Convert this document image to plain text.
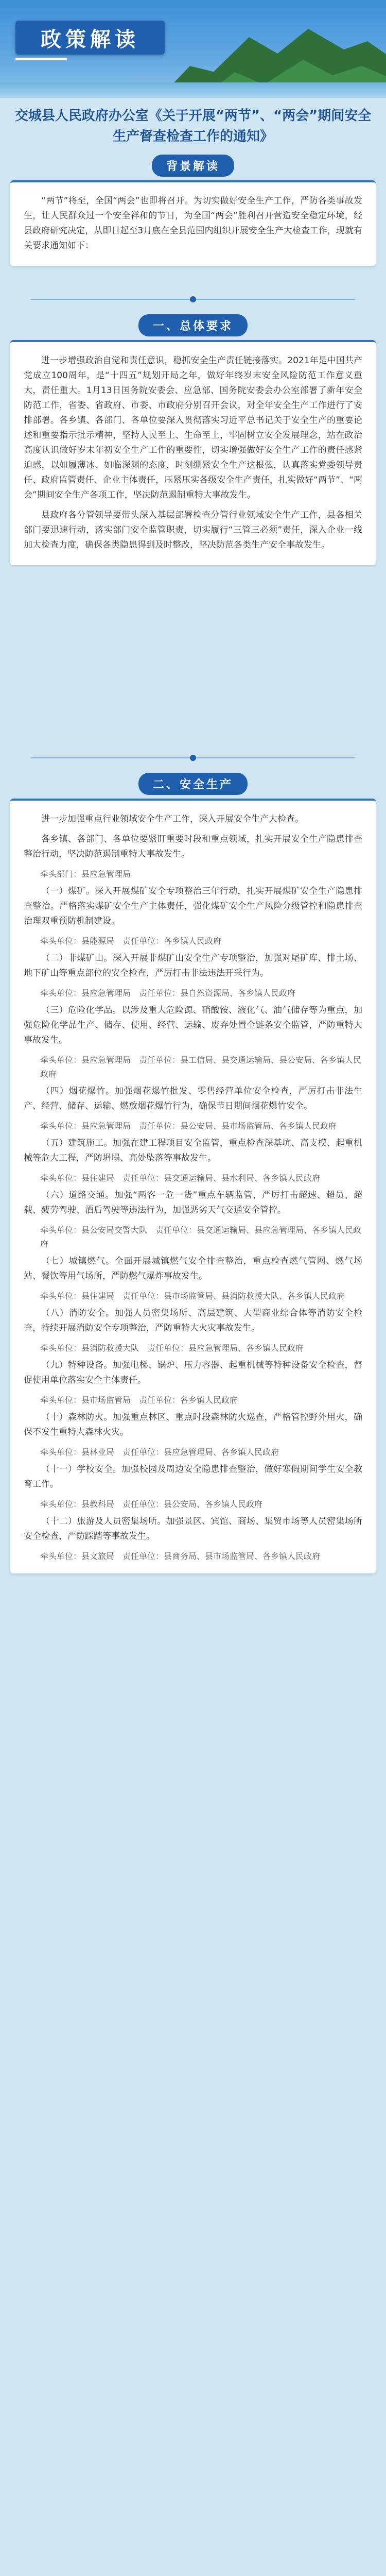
政策解读
交城县人民政府办公室《关于开展“两节”、“两会”期间安全生产督查检查工作的通知》
背景解读

“两节”将至，全国“两会”也即将召开。为切实做好安全生产工作，严防各类事故发生，让人民群众过一个安全祥和的节日，为全国“两会”胜利召开营造安全稳定环境，经县政府研究决定，从即日起至3月底在全县范围内组织开展安全生产大检查工作，现就有关要求通知如下：

一、总体要求

进一步增强政治自觉和责任意识，稳抓安全生产责任链接落实。2021年是中国共产党成立100周年，是“十四五”规划开局之年，做好年终岁末安全风险防范工作意义重大，责任重大。1月13日国务院安委会、应急部、国务院安委会办公室部署了新年安全防范工作，省委、省政府、市委、市政府分别召开会议，对全年安全生产工作进行了安排部署。各乡镇、各部门、各单位要深入贯彻落实习近平总书记关于安全生产的重要论述和重要指示批示精神，坚持人民至上、生命至上，牢固树立安全发展理念，站在政治高度认识做好岁末年初安全生产工作的重要性，切实增强做好安全生产工作的责任感紧迫感，以如履薄冰、如临深渊的态度，时刻绷紧安全生产这根弦，认真落实党委领导责任、政府监管责任、企业主体责任，压紧压实各级安全生产责任，扎实做好“两节”、“两会”期间安全生产各项工作，坚决防范遏制重特大事故发生。

县政府各分管领导要带头深入基层部署检查分管行业领域安全生产工作，县各相关部门要迅速行动，落实部门安全监管职责，切实履行“三管三必须”责任，深入企业一线加大检查力度，确保各类隐患得到及时整改，坚决防范各类生产安全事故发生。

二、安全生产

进一步加强重点行业领域安全生产工作，深入开展安全生产大检查。

各乡镇、各部门、各单位要紧盯重要时段和重点领域，扎实开展安全生产隐患排查整治行动，坚决防范遏制重特大事故发生。

牵头部门：县应急管理局

（一）煤矿。深入开展煤矿安全专项整治三年行动，扎实开展煤矿安全生产隐患排查整治。严格落实煤矿安全生产主体责任，强化煤矿安全生产风险分级管控和隐患排查治理双重预防机制建设。

牵头单位：县能源局　责任单位：各乡镇人民政府

（二）非煤矿山。深入开展非煤矿山安全生产专项整治，加强对尾矿库、排土场、地下矿山等重点部位的安全检查，严厉打击非法违法开采行为。

牵头单位：县应急管理局　责任单位：县自然资源局、各乡镇人民政府

（三）危险化学品。以涉及重大危险源、硝酸铵、液化气、油气储存等为重点，加强危险化学品生产、储存、使用、经营、运输、废弃处置全链条安全监管，严防重特大事故发生。

牵头单位：县应急管理局　责任单位：县工信局、县交通运输局、县公安局、各乡镇人民政府

（四）烟花爆竹。加强烟花爆竹批发、零售经营单位安全检查，严厉打击非法生产、经营、储存、运输、燃放烟花爆竹行为，确保节日期间烟花爆竹安全。

牵头单位：县应急管理局　责任单位：县公安局、县市场监管局、各乡镇人民政府

（五）建筑施工。加强在建工程项目安全监管，重点检查深基坑、高支模、起重机械等危大工程，严防坍塌、高处坠落等事故发生。

牵头单位：县住建局　责任单位：县交通运输局、县水利局、各乡镇人民政府

（六）道路交通。加强“两客一危一货”重点车辆监管，严厉打击超速、超员、超载、疲劳驾驶、酒后驾驶等违法行为，加强恶劣天气交通安全管控。

牵头单位：县公安局交警大队　责任单位：县交通运输局、县应急管理局、各乡镇人民政府

（七）城镇燃气。全面开展城镇燃气安全排查整治，重点检查燃气管网、燃气场站、餐饮等用气场所，严防燃气爆炸事故发生。

牵头单位：县住建局　责任单位：县市场监管局、县消防救援大队、各乡镇人民政府

（八）消防安全。加强人员密集场所、高层建筑、大型商业综合体等消防安全检查，持续开展消防安全专项整治，严防重特大火灾事故发生。

牵头单位：县消防救援大队　责任单位：县应急管理局、各乡镇人民政府

（九）特种设备。加强电梯、锅炉、压力容器、起重机械等特种设备安全检查，督促使用单位落实安全主体责任。

牵头单位：县市场监管局　责任单位：各乡镇人民政府

（十）森林防火。加强重点林区、重点时段森林防火巡查，严格管控野外用火，确保不发生重特大森林火灾。

牵头单位：县林业局　责任单位：县应急管理局、各乡镇人民政府

（十一）学校安全。加强校园及周边安全隐患排查整治，做好寒假期间学生安全教育工作。

牵头单位：县教科局　责任单位：县公安局、各乡镇人民政府

（十二）旅游及人员密集场所。加强景区、宾馆、商场、集贸市场等人员密集场所安全检查，严防踩踏等事故发生。

牵头单位：县文旅局　责任单位：县商务局、县市场监管局、各乡镇人民政府
